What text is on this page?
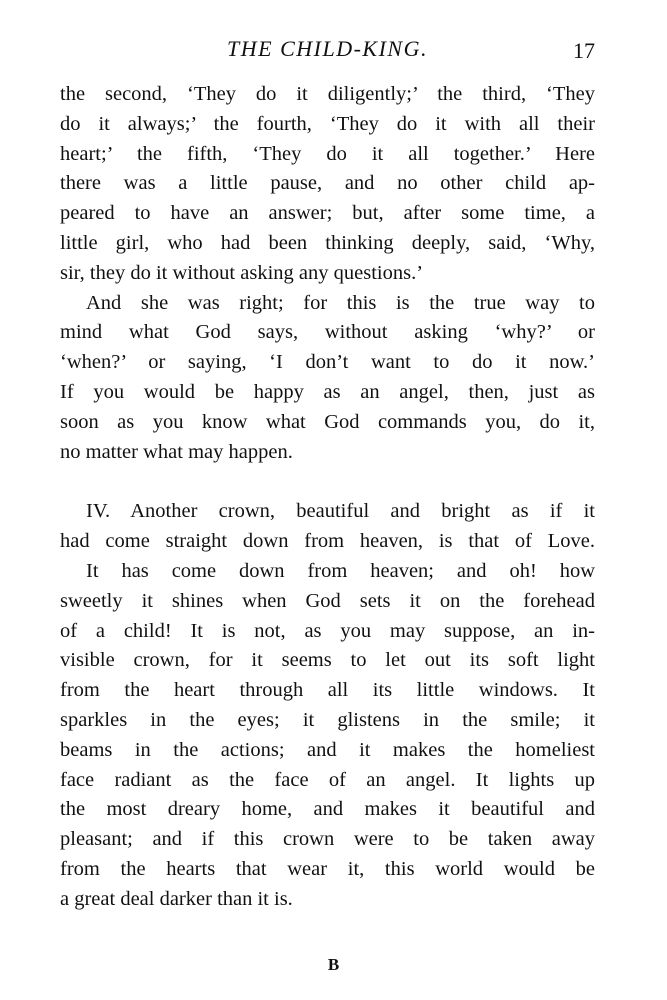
THE CHILD-KING.	17
the second, ‘They do it diligently;’ the third, ‘They
do it always;’ the fourth, ‘They do it with all their
heart;’ the fifth, ‘They do it all together.’ Here
there was a little pause, and no other child ap-
peared to have an answer; but, after some time, a
little girl, who had been thinking deeply, said, ‘Why,
sir, they do it without asking any questions.’
And she was right; for this is the true way to
mind what God says, without asking ‘why?’ or
‘when?’ or saying, ‘I don’t want to do it now.’
If you would be happy as an angel, then, just as
soon as you know what God commands you, do it,
no matter what may happen.
IV. Another crown, beautiful and bright as if it
had come straight down from heaven, is that of Love.
It has come down from heaven; and oh! how
sweetly it shines when God sets it on the forehead
of a child! It is not, as you may suppose, an in-
visible crown, for it seems to let out its soft light
from the heart through all its little windows. It
sparkles in the eyes; it glistens in the smile; it
beams in the actions; and it makes the homeliest
face radiant as the face of an angel. It lights up
the most dreary home, and makes it beautiful and
pleasant; and if this crown were to be taken away
from the hearts that wear it, this world would be
a great deal darker than it is.
B
